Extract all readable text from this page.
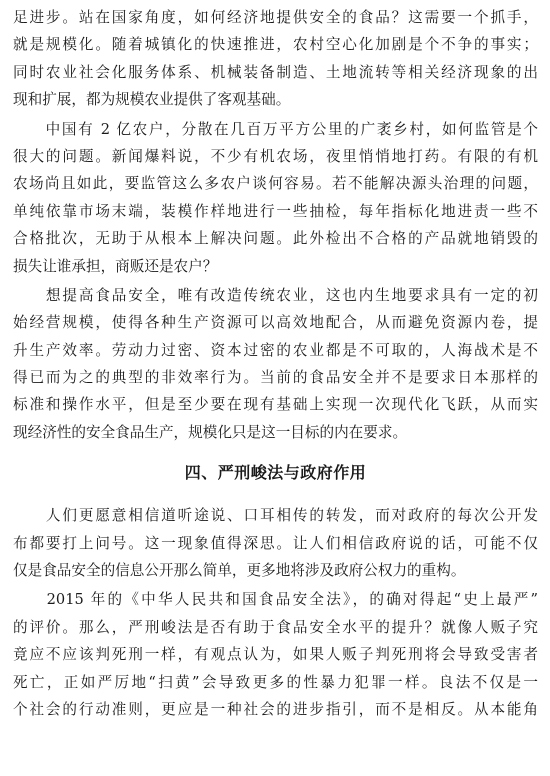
足进步。站在国家角度，如何经济地提供安全的食品？这需要一个抓手，
就是规模化。随着城镇化的快速推进，农村空心化加剧是个不争的事实；
同时农业社会化服务体系、机械装备制造、土地流转等相关经济现象的出
现和扩展，都为规模农业提供了客观基础。
　　中国有 2 亿农户，分散在几百万平方公里的广袤乡村，如何监管是个
很大的问题。新闻爆料说，不少有机农场，夜里悄悄地打药。有限的有机
农场尚且如此，要监管这么多农户谈何容易。若不能解决源头治理的问题，
单纯依靠市场末端，装模作样地进行一些抽检，每年指标化地进责一些不
合格批次，无助于从根本上解决问题。此外检出不合格的产品就地销毁的
损失让谁承担，商贩还是农户？
　　想提高食品安全，唯有改造传统农业，这也内生地要求具有一定的初
始经营规模，使得各种生产资源可以高效地配合，从而避免资源内卷，提
升生产效率。劳动力过密、资本过密的农业都是不可取的，人海战术是不
得已而为之的典型的非效率行为。当前的食品安全并不是要求日本那样的
标准和操作水平，但是至少要在现有基础上实现一次现代化飞跃，从而实
现经济性的安全食品生产，规模化只是这一目标的内在要求。
四、严刑峻法与政府作用
　　人们更愿意相信道听途说、口耳相传的转发，而对政府的每次公开发
布都要打上问号。这一现象值得深思。让人们相信政府说的话，可能不仅
仅是食品安全的信息公开那么简单，更多地将涉及政府公权力的重构。
　　2015 年的《中华人民共和国食品安全法》，的确对得起“史上最严”
的评价。那么，严刑峻法是否有助于食品安全水平的提升？就像人贩子究
竟应不应该判死刑一样，有观点认为，如果人贩子判死刑将会导致受害者
死亡，正如严厉地“扫黄”会导致更多的性暴力犯罪一样。良法不仅是一
个社会的行动准则，更应是一种社会的进步指引，而不是相反。从本能角
